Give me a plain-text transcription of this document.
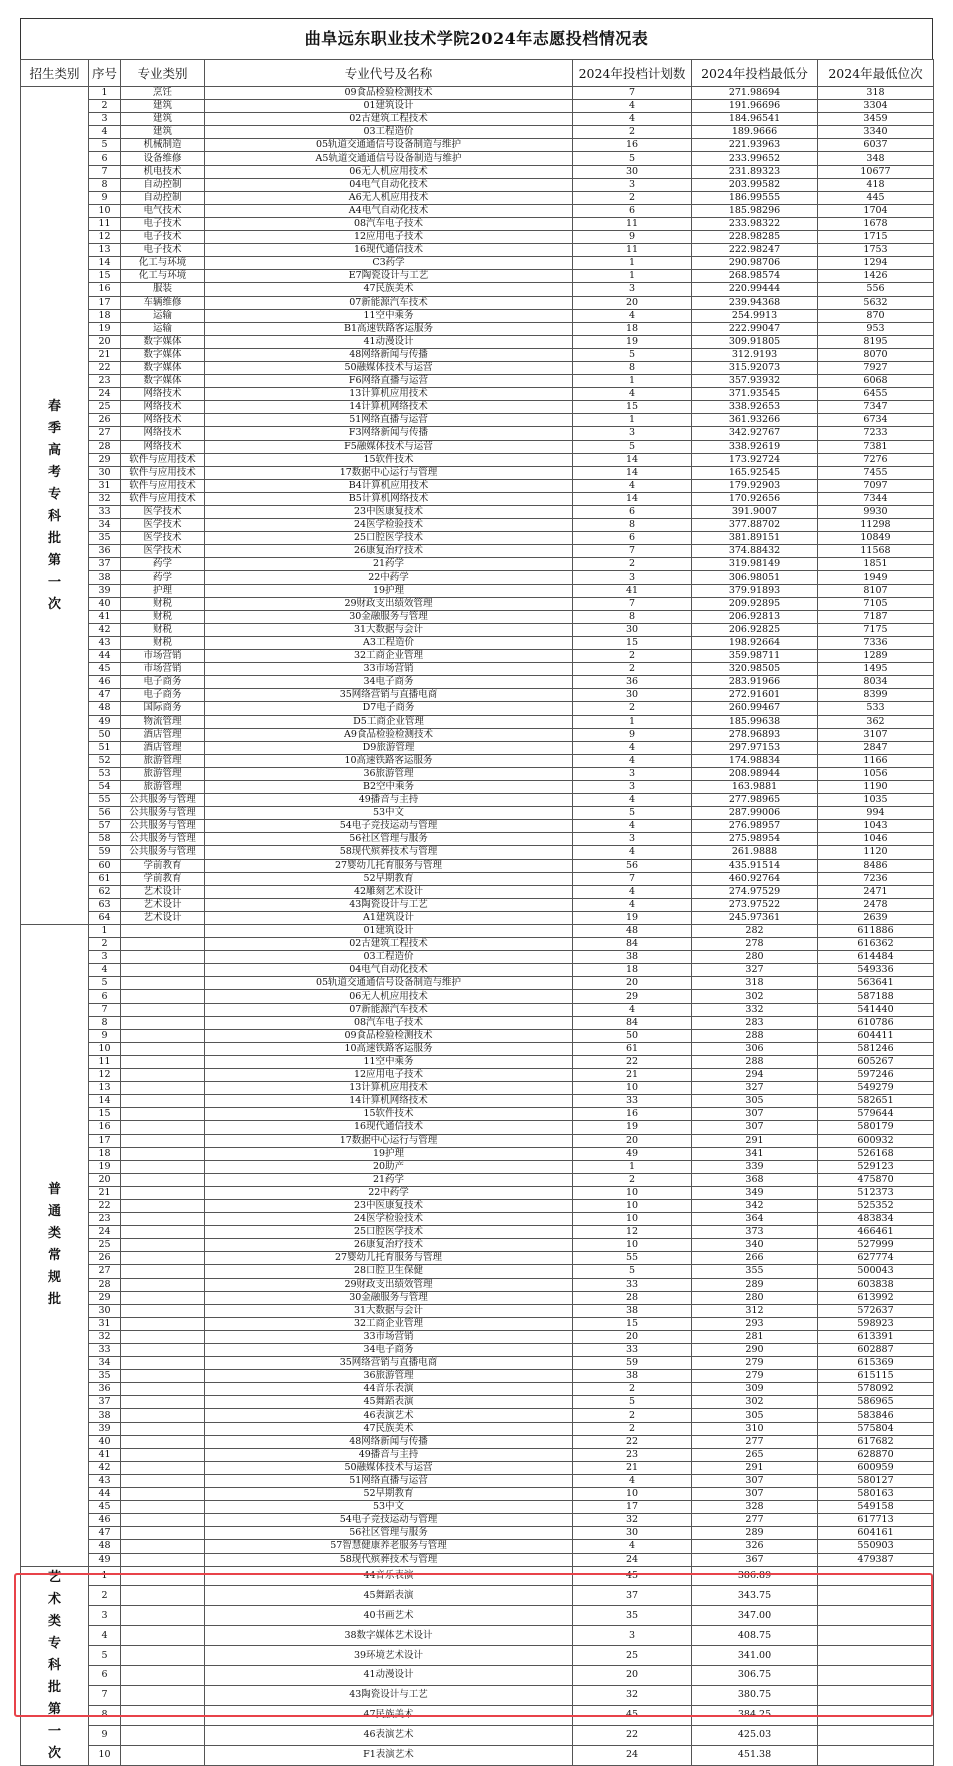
曲阜远东职业技术学院2024年志愿投档情况表
招生类别	序号	专业类别	专业代号及名称	2024年投档计划数	2024年投档最低分	2024年最低位次
春季高考专科批第一次	1	烹饪	09食品检验检测技术	7	271.98694	318
	2	建筑	01建筑设计	4	191.96696	3304
	3	建筑	02古建筑工程技术	4	184.96541	3459
	4	建筑	03工程造价	2	189.9666	3340
	5	机械制造	05轨道交通通信号设备制造与维护	16	221.93963	6037
	6	设备维修	A5轨道交通通信号设备制造与维护	5	233.99652	348
	7	机电技术	06无人机应用技术	30	231.89323	10677
	8	自动控制	04电气自动化技术	3	203.99582	418
	9	自动控制	A6无人机应用技术	2	186.99555	445
	10	电气技术	A4电气自动化技术	6	185.98296	1704
	11	电子技术	08汽车电子技术	11	233.98322	1678
	12	电子技术	12应用电子技术	9	228.98285	1715
	13	电子技术	16现代通信技术	11	222.98247	1753
	14	化工与环境	C3药学	1	290.98706	1294
	15	化工与环境	E7陶瓷设计与工艺	1	268.98574	1426
	16	服装	47民族美术	3	220.99444	556
	17	车辆维修	07新能源汽车技术	20	239.94368	5632
	18	运输	11空中乘务	4	254.9913	870
	19	运输	B1高速铁路客运服务	18	222.99047	953
	20	数字媒体	41动漫设计	19	309.91805	8195
	21	数字媒体	48网络新闻与传播	5	312.9193	8070
	22	数字媒体	50融媒体技术与运营	8	315.92073	7927
	23	数字媒体	F6网络直播与运营	1	357.93932	6068
	24	网络技术	13计算机应用技术	4	371.93545	6455
	25	网络技术	14计算机网络技术	15	338.92653	7347
	26	网络技术	51网络直播与运营	1	361.93266	6734
	27	网络技术	F3网络新闻与传播	3	342.92767	7233
	28	网络技术	F5融媒体技术与运营	5	338.92619	7381
	29	软件与应用技术	15软件技术	14	173.92724	7276
	30	软件与应用技术	17数据中心运行与管理	14	165.92545	7455
	31	软件与应用技术	B4计算机应用技术	4	179.92903	7097
	32	软件与应用技术	B5计算机网络技术	14	170.92656	7344
	33	医学技术	23中医康复技术	6	391.9007	9930
	34	医学技术	24医学检验技术	8	377.88702	11298
	35	医学技术	25口腔医学技术	6	381.89151	10849
	36	医学技术	26康复治疗技术	7	374.88432	11568
	37	药学	21药学	2	319.98149	1851
	38	药学	22中药学	3	306.98051	1949
	39	护理	19护理	41	379.91893	8107
	40	财税	29财政支出绩效管理	7	209.92895	7105
	41	财税	30金融服务与管理	8	206.92813	7187
	42	财税	31大数据与会计	30	206.92825	7175
	43	财税	A3工程造价	15	198.92664	7336
	44	市场营销	32工商企业管理	2	359.98711	1289
	45	市场营销	33市场营销	2	320.98505	1495
	46	电子商务	34电子商务	36	283.91966	8034
	47	电子商务	35网络营销与直播电商	30	272.91601	8399
	48	国际商务	D7电子商务	2	260.99467	533
	49	物流管理	D5工商企业管理	1	185.99638	362
	50	酒店管理	A9食品检验检测技术	9	278.96893	3107
	51	酒店管理	D9旅游管理	4	297.97153	2847
	52	旅游管理	10高速铁路客运服务	4	174.98834	1166
	53	旅游管理	36旅游管理	3	208.98944	1056
	54	旅游管理	B2空中乘务	3	163.9881	1190
	55	公共服务与管理	49播音与主持	4	277.98965	1035
	56	公共服务与管理	53中文	5	287.99006	994
	57	公共服务与管理	54电子竞技运动与管理	4	276.98957	1043
	58	公共服务与管理	56社区管理与服务	3	275.98954	1046
	59	公共服务与管理	58现代殡葬技术与管理	4	261.9888	1120
	60	学前教育	27婴幼儿托育服务与管理	56	435.91514	8486
	61	学前教育	52早期教育	7	460.92764	7236
	62	艺术设计	42雕刻艺术设计	4	274.97529	2471
	63	艺术设计	43陶瓷设计与工艺	4	273.97522	2478
	64	艺术设计	A1建筑设计	19	245.97361	2639
普通类常规批	1		01建筑设计	48	282	611886
	2		02古建筑工程技术	84	278	616362
	3		03工程造价	38	280	614484
	4		04电气自动化技术	18	327	549336
	5		05轨道交通通信号设备制造与维护	20	318	563641
	6		06无人机应用技术	29	302	587188
	7		07新能源汽车技术	4	332	541440
	8		08汽车电子技术	84	283	610786
	9		09食品检验检测技术	50	288	604411
	10		10高速铁路客运服务	61	306	581246
	11		11空中乘务	22	288	605267
	12		12应用电子技术	21	294	597246
	13		13计算机应用技术	10	327	549279
	14		14计算机网络技术	33	305	582651
	15		15软件技术	16	307	579644
	16		16现代通信技术	19	307	580179
	17		17数据中心运行与管理	20	291	600932
	18		19护理	49	341	526168
	19		20助产	1	339	529123
	20		21药学	2	368	475870
	21		22中药学	10	349	512373
	22		23中医康复技术	10	342	525352
	23		24医学检验技术	10	364	483834
	24		25口腔医学技术	12	373	466461
	25		26康复治疗技术	10	340	527999
	26		27婴幼儿托育服务与管理	55	266	627774
	27		28口腔卫生保健	5	355	500043
	28		29财政支出绩效管理	33	289	603838
	29		30金融服务与管理	28	280	613992
	30		31大数据与会计	38	312	572637
	31		32工商企业管理	15	293	598923
	32		33市场营销	20	281	613391
	33		34电子商务	33	290	602887
	34		35网络营销与直播电商	59	279	615369
	35		36旅游管理	38	279	615115
	36		44音乐表演	2	309	578092
	37		45舞蹈表演	5	302	586965
	38		46表演艺术	2	305	583846
	39		47民族美术	2	310	575804
	40		48网络新闻与传播	22	277	617682
	41		49播音与主持	23	265	628870
	42		50融媒体技术与运营	21	291	600959
	43		51网络直播与运营	4	307	580127
	44		52早期教育	10	307	580163
	45		53中文	17	328	549158
	46		54电子竞技运动与管理	32	277	617713
	47		56社区管理与服务	30	289	604161
	48		57智慧健康养老服务与管理	4	326	550903
	49		58现代殡葬技术与管理	24	367	479387
艺术类专科批第一次	1		44音乐表演	45	386.89	
	2		45舞蹈表演	37	343.75	
	3		40书画艺术	35	347.00	
	4		38数字媒体艺术设计	3	408.75	
	5		39环境艺术设计	25	341.00	
	6		41动漫设计	20	306.75	
	7		43陶瓷设计与工艺	32	380.75	
	8		47民族美术	45	384.25	
	9		46表演艺术	22	425.03	
	10		F1表演艺术	24	451.38	
